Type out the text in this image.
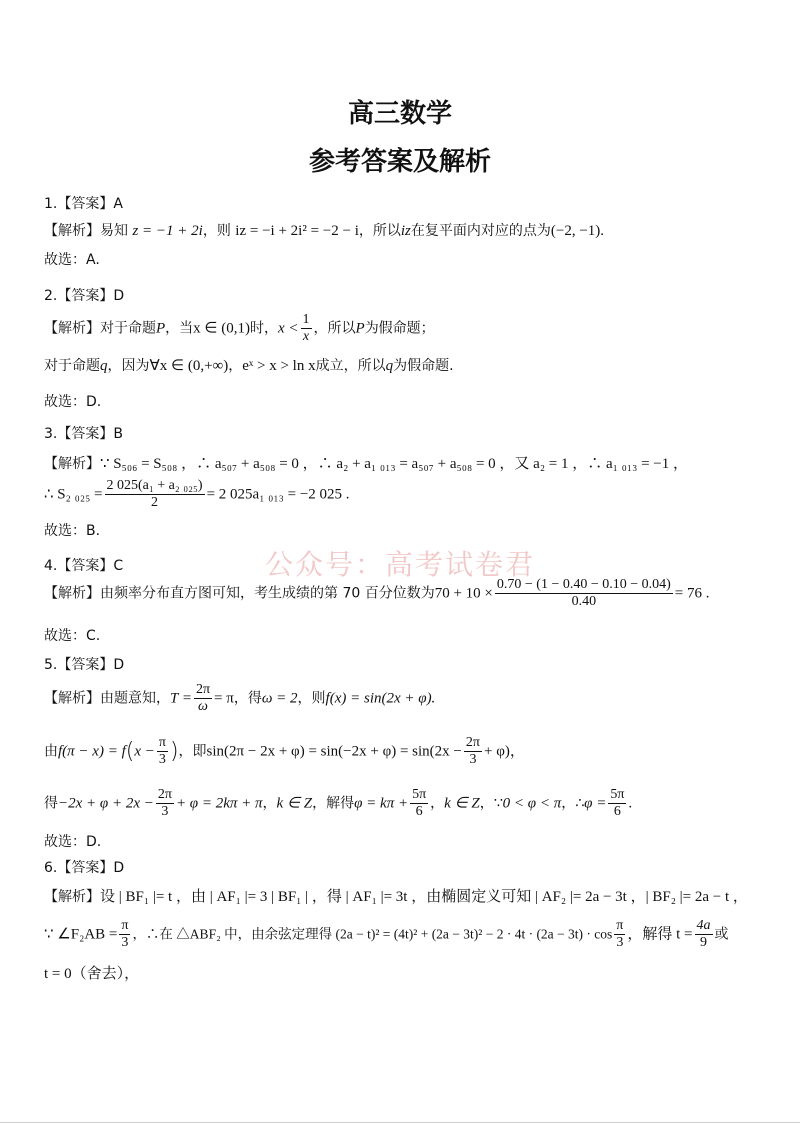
高三数学
参考答案及解析
公众号：高考试卷君
1.【答案】A
【解析】易知 z = −1 + 2i，则 iz = −i + 2i² = −2 − i，所以iz在复平面内对应的点为(−2, −1).
故选：A.
2.【答案】D
【解析】对于命题P，当x ∈ (0,1)时，$x < \frac{1}{x}$ ，所以P为假命题；
对于命题q，因为∀x ∈ (0,+∞)，eˣ > x > ln x成立，所以q为假命题.
故选：D.
3.【答案】B
【解析】∵ S₅₀₆ = S₅₀₈ ，∴ a₅₀₇ + a₅₀₈ = 0 ，∴ a₂ + a₁ ₀₁₃ = a₅₀₇ + a₅₀₈ = 0 ，又 a₂ = 1 ，∴ a₁ ₀₁₃ = −1 ，
∴ S₂ $_{025} = \frac{\text{2 025(a₁ + a₂ ₀₂₅)}}{2} = 2$ 025a₁ ₀₁₃ = −2 025 .
故选：B.
4.【答案】C
【解析】由频率分布直方图可知，考生成绩的第 70 百分位数为$70 + 10 \times \frac{0.70 - (1 - 0.40 - 0.10 - 0.04)}{0.40} = 76$ .
故选：C.
5.【答案】D
【解析】由题意知，$T = \frac{2\pi}{\omega} = \pi$，得ω = 2，则f(x) = sin(2x + φ).
由$f(\pi - x) = f(x - \frac{\pi}{3}$ )，即$\sin(2\pi - 2x + \varphi) = \sin(-2x + \varphi) = \sin(2x - \frac{2\pi}{3} + \varphi)$，
得$-2x + \varphi + 2x - \frac{2\pi}{3} + \varphi = 2k\pi + \pi$，k ∈ Z，解得$\varphi = k\pi + \frac{5\pi}{6}$ ，k ∈ Z，∵0 < φ < π，∴φ = $\frac{5\pi}{6}$ .
故选：D.
6.【答案】D
【解析】设 | BF₁ |= t ，由 | AF₁ |= 3 | BF₁ | ，得 | AF₁ |= 3t ，由椭圆定义可知 | AF₂ |= 2a − 3t ，| BF₂ |= 2a − t ，
∵ ∠F₂AB = $\frac{\pi}{3}$ ，∴在 △ABF₂ 中，由余弦定理得 $(2a - t)^2 = (4t)^2 + (2a - 3t)^2 - 2 \cdot 4t \cdot (2a - 3t) \cdot \cos \frac{\pi}{3}$ ，解得 $t = \frac{4a}{9}$ 或
t = 0（舍去），
